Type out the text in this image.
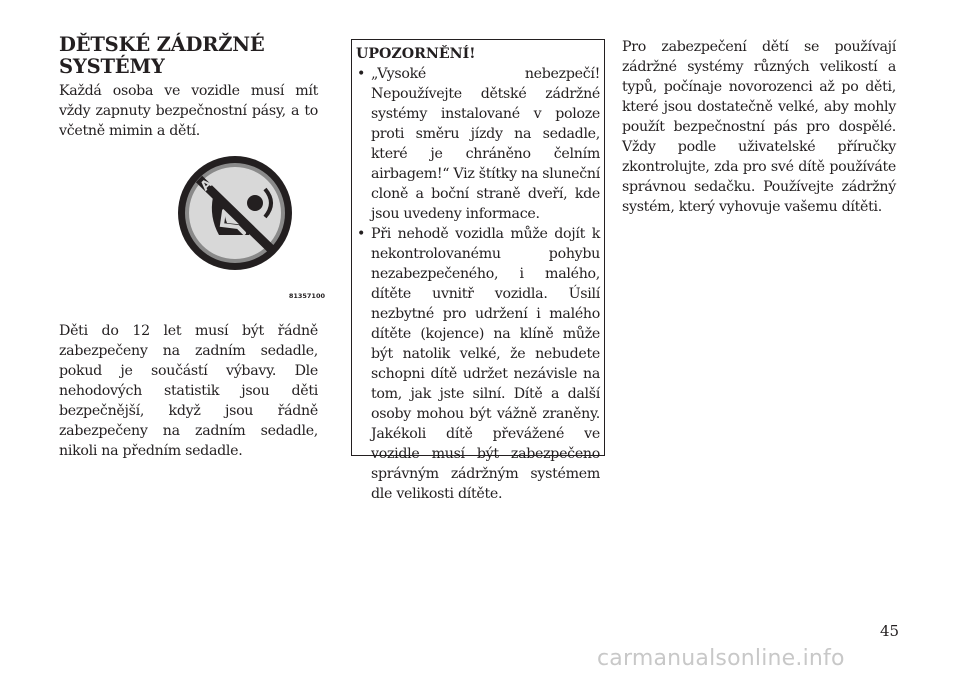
DĚTSKÉ ZÁDRŽNÉ SYSTÉMY

Každá osoba ve vozidle musí mít vždy zapnuty bezpečnostní pásy, a to včetně mimin a dětí.

AIRBAG
81357100

Děti do 12 let musí být řádně zabezpečeny na zadním sedadle, pokud je součástí výbavy. Dle nehodových statistik jsou děti bezpečnější, když jsou řádně zabezpečeny na zadním sedadle, nikoli na předním sedadle.

UPOZORNĚNÍ!

• „Vysoké nebezpečí! Nepoužívejte dětské zádržné systémy instalované v poloze proti směru jízdy na sedadle, které je chráněno čelním airbagem!“ Viz štítky na sluneční cloně a boční straně dveří, kde jsou uvedeny informace.
• Při nehodě vozidla může dojít k nekontrolovanému pohybu nezabezpečeného, i malého, dítěte uvnitř vozidla. Úsilí nezbytné pro udržení i malého dítěte (kojence) na klíně může být natolik velké, že nebudete schopni dítě udržet nezávisle na tom, jak jste silní. Dítě a další osoby mohou být vážně zraněny. Jakékoli dítě převážené ve vozidle musí být zabezpečeno správným zádržným systémem dle velikosti dítěte.

Pro zabezpečení dětí se používají zádržné systémy různých velikostí a typů, počínaje novorozenci až po děti, které jsou dostatečně velké, aby mohly použít bezpečnostní pás pro dospělé. Vždy podle uživatelské příručky zkontrolujte, zda pro své dítě používáte správnou sedačku. Používejte zádržný systém, který vyhovuje vašemu dítěti.

45
carmanualsonline.info
